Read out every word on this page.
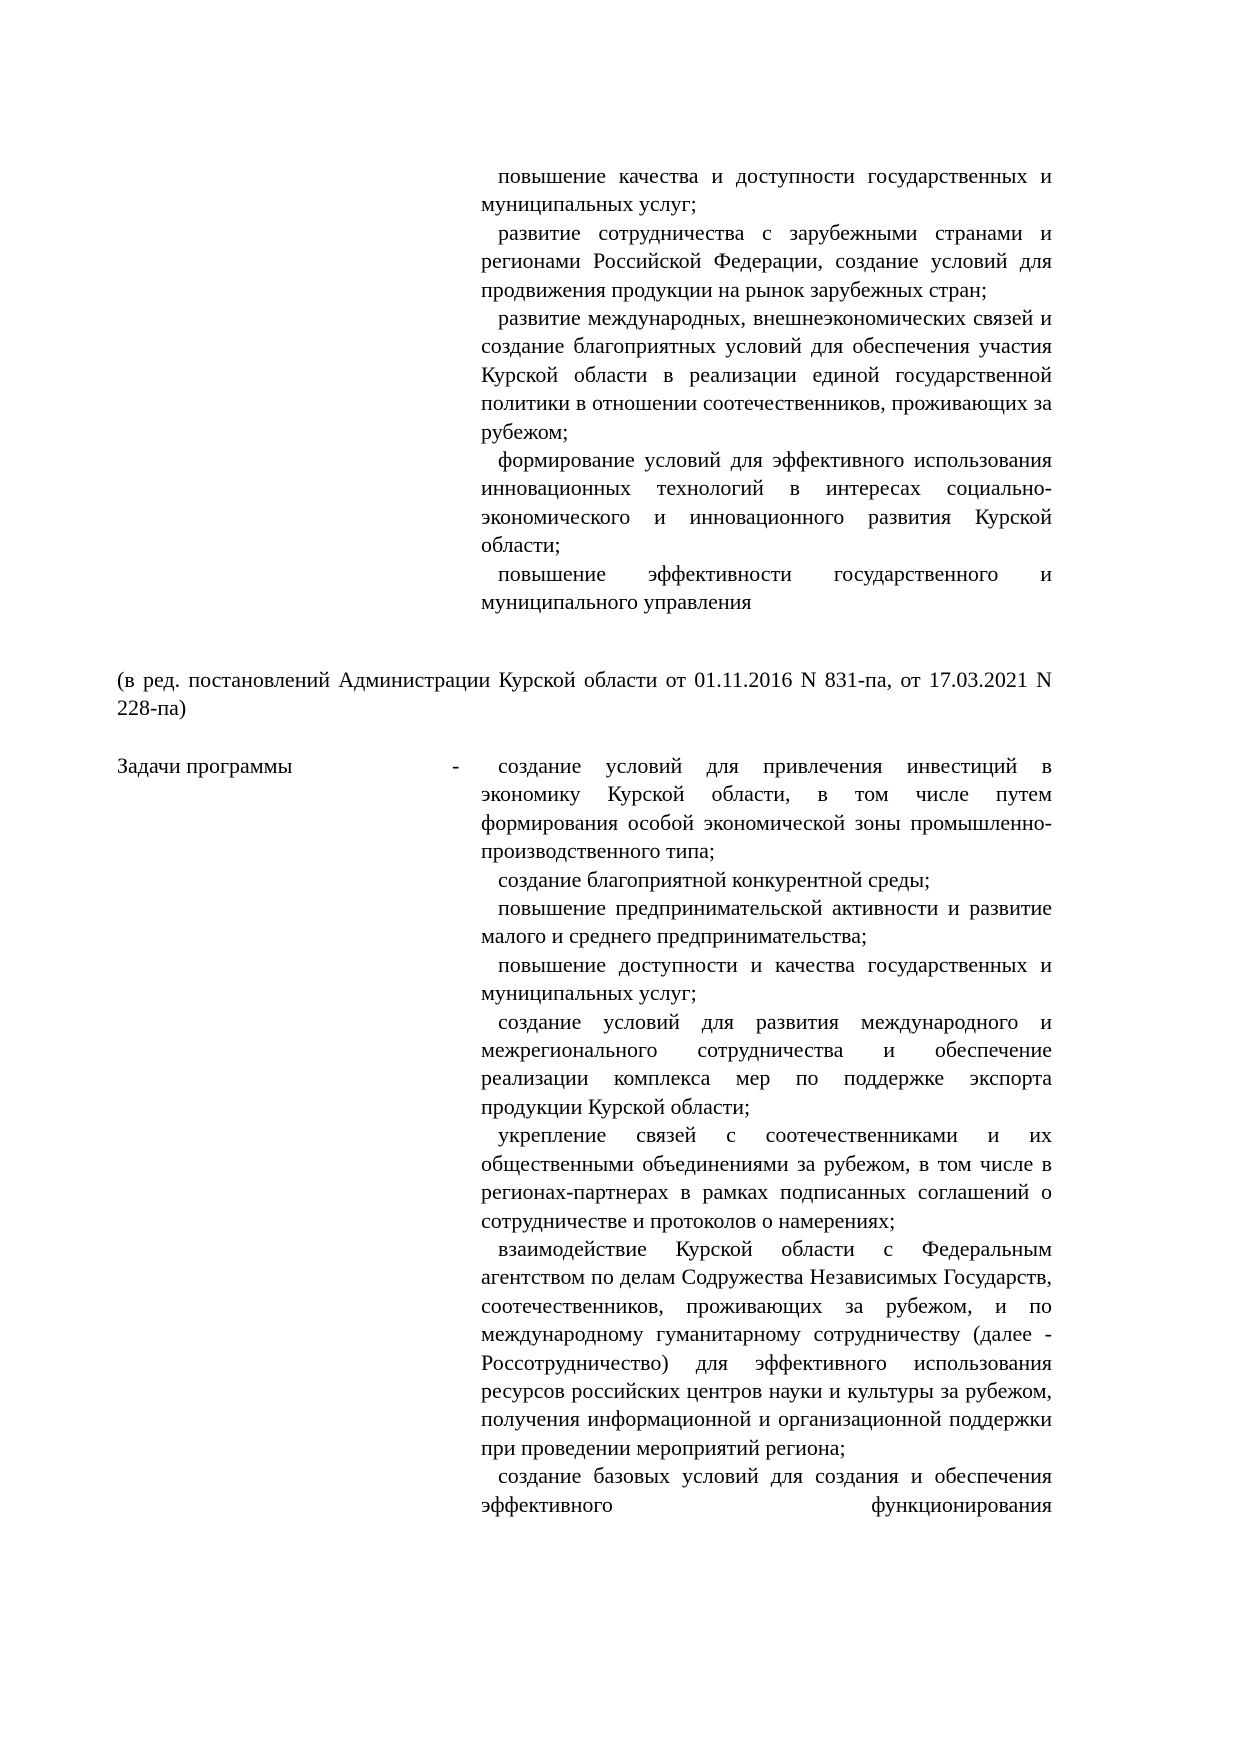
повышение качества и доступности государственных и муниципальных услуг;

развитие сотрудничества с зарубежными странами и регионами Российской Федерации, создание условий для продвижения продукции на рынок зарубежных стран;

развитие международных, внешнеэкономических связей и создание благоприятных условий для обеспечения участия Курской области в реализации единой государственной политики в отношении соотечественников, проживающих за рубежом;

формирование условий для эффективного использования инновационных технологий в интересах социально-экономического и инновационного развития Курской области;

повышение эффективности государственного и муниципального управления

(в ред. постановлений Администрации Курской области от 01.11.2016 N 831-па, от 17.03.2021 N 228-па)

Задачи программы	-	создание условий для привлечения инвестиций в экономику Курской области, в том числе путем формирования особой экономической зоны промышленно-производственного типа;

создание благоприятной конкурентной среды;

повышение предпринимательской активности и развитие малого и среднего предпринимательства;

повышение доступности и качества государственных и муниципальных услуг;

создание условий для развития международного и межрегионального сотрудничества и обеспечение реализации комплекса мер по поддержке экспорта продукции Курской области;

укрепление связей с соотечественниками и их общественными объединениями за рубежом, в том числе в регионах-партнерах в рамках подписанных соглашений о сотрудничестве и протоколов о намерениях;

взаимодействие Курской области с Федеральным агентством по делам Содружества Независимых Государств, соотечественников, проживающих за рубежом, и по международному гуманитарному сотрудничеству (далее - Россотрудничество) для эффективного использования ресурсов российских центров науки и культуры за рубежом, получения информационной и организационной поддержки при проведении мероприятий региона;

создание базовых условий для создания и обеспечения эффективного функционирования
